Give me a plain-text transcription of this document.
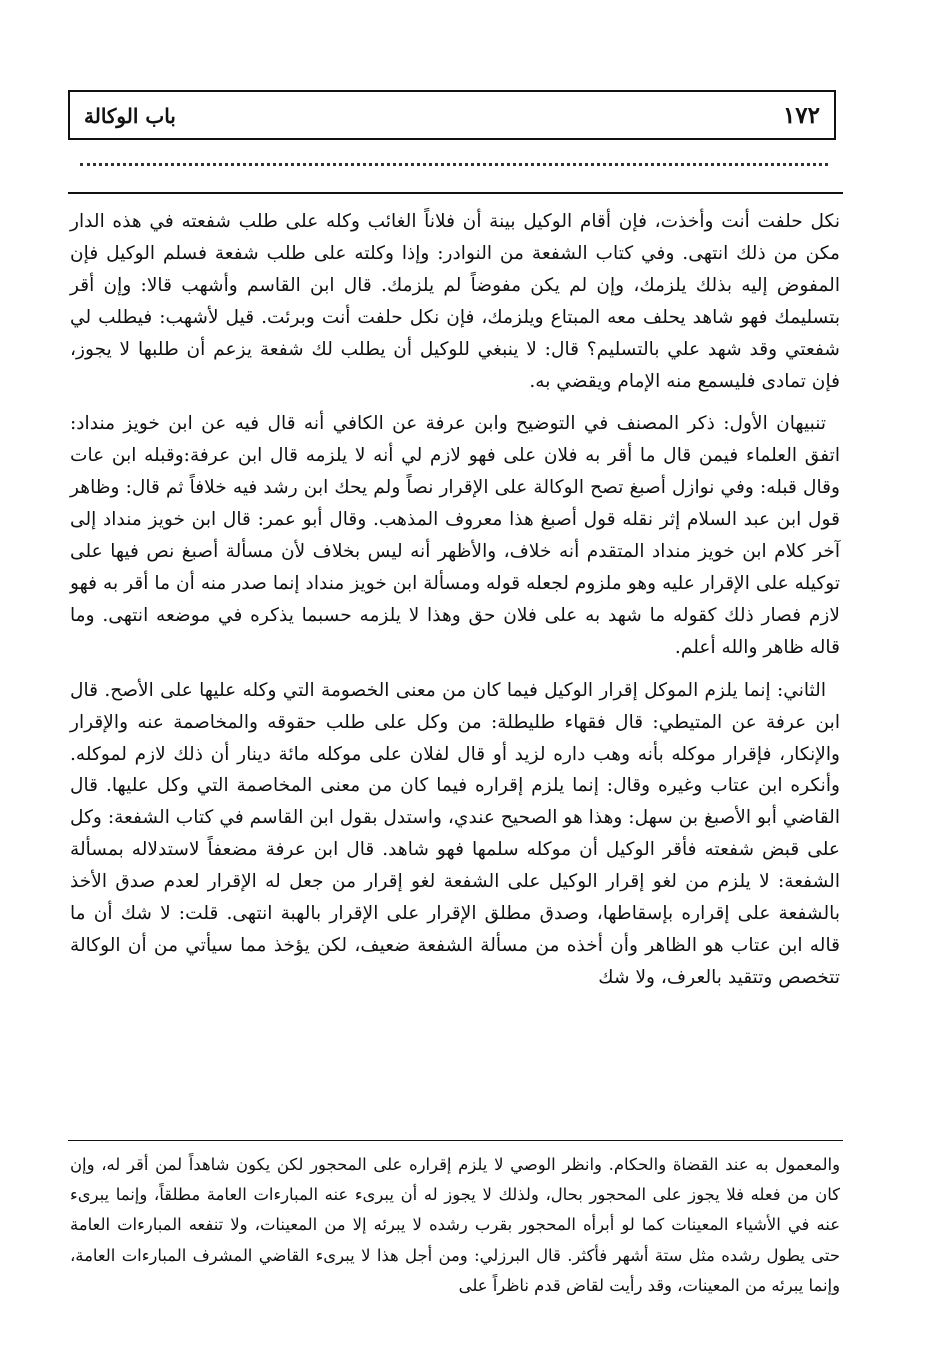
١٧٢
باب الوكالة

نكل حلفت أنت وأخذت، فإن أقام الوكيل بينة أن فلاناً الغائب وكله على طلب شفعته في هذه الدار مكن من ذلك انتهى. وفي كتاب الشفعة من النوادر: وإذا وكلته على طلب شفعة فسلم الوكيل فإن المفوض إليه بذلك يلزمك، وإن لم يكن مفوضاً لم يلزمك. قال ابن القاسم وأشهب قالا: وإن أقر بتسليمك فهو شاهد يحلف معه المبتاع ويلزمك، فإن نكل حلفت أنت وبرئت. قيل لأشهب: فيطلب لي شفعتي وقد شهد علي بالتسليم؟ قال: لا ينبغي للوكيل أن يطلب لك شفعة يزعم أن طلبها لا يجوز، فإن تمادى فليسمع منه الإمام ويقضي به.

تنبيهان الأول: ذكر المصنف في التوضيح وابن عرفة عن الكافي أنه قال فيه عن ابن خويز منداد: اتفق العلماء فيمن قال ما أقر به فلان على فهو لازم لي أنه لا يلزمه قال ابن عرفة:وقبله ابن عات وقال قبله: وفي نوازل أصبغ تصح الوكالة على الإقرار نصاً ولم يحك ابن رشد فيه خلافاً ثم قال: وظاهر قول ابن عبد السلام إثر نقله قول أصبغ هذا معروف المذهب. وقال أبو عمر: قال ابن خويز منداد إلى آخر كلام ابن خويز منداد المتقدم أنه خلاف، والأظهر أنه ليس بخلاف لأن مسألة أصبغ نص فيها على توكيله على الإقرار عليه وهو ملزوم لجعله قوله ومسألة ابن خويز منداد إنما صدر منه أن ما أقر به فهو لازم فصار ذلك كقوله ما شهد به على فلان حق وهذا لا يلزمه حسبما يذكره في موضعه انتهى. وما قاله ظاهر والله أعلم.

الثاني: إنما يلزم الموكل إقرار الوكيل فيما كان من معنى الخصومة التي وكله عليها على الأصح. قال ابن عرفة عن المتيطي: قال فقهاء طليطلة: من وكل على طلب حقوقه والمخاصمة عنه والإقرار والإنكار، فإقرار موكله بأنه وهب داره لزيد أو قال لفلان على موكله مائة دينار أن ذلك لازم لموكله. وأنكره ابن عتاب وغيره وقال: إنما يلزم إقراره فيما كان من معنى المخاصمة التي وكل عليها. قال القاضي أبو الأصبغ بن سهل: وهذا هو الصحيح عندي، واستدل بقول ابن القاسم في كتاب الشفعة: وكل على قبض شفعته فأقر الوكيل أن موكله سلمها فهو شاهد. قال ابن عرفة مضعفاً لاستدلاله بمسألة الشفعة: لا يلزم من لغو إقرار الوكيل على الشفعة لغو إقرار من جعل له الإقرار لعدم صدق الأخذ بالشفعة على إقراره بإسقاطها، وصدق مطلق الإقرار على الإقرار بالهبة انتهى. قلت: لا شك أن ما قاله ابن عتاب هو الظاهر وأن أخذه من مسألة الشفعة ضعيف، لكن يؤخذ مما سيأتي من أن الوكالة تتخصص وتتقيد بالعرف، ولا شك

والمعمول به عند القضاة والحكام. وانظر الوصي لا يلزم إقراره على المحجور لكن يكون شاهداً لمن أقر له، وإن كان من فعله فلا يجوز على المحجور بحال، ولذلك لا يجوز له أن يبرىء عنه المبارءات العامة مطلقاً، وإنما يبرىء عنه في الأشياء المعينات كما لو أبرأه المحجور بقرب رشده لا يبرئه إلا من المعينات، ولا تنفعه المبارءات العامة حتى يطول رشده مثل ستة أشهر فأكثر. قال البرزلي: ومن أجل هذا لا يبرىء القاضي المشرف المبارءات العامة، وإنما يبرئه من المعينات، وقد رأيت لقاض قدم ناظراً على
